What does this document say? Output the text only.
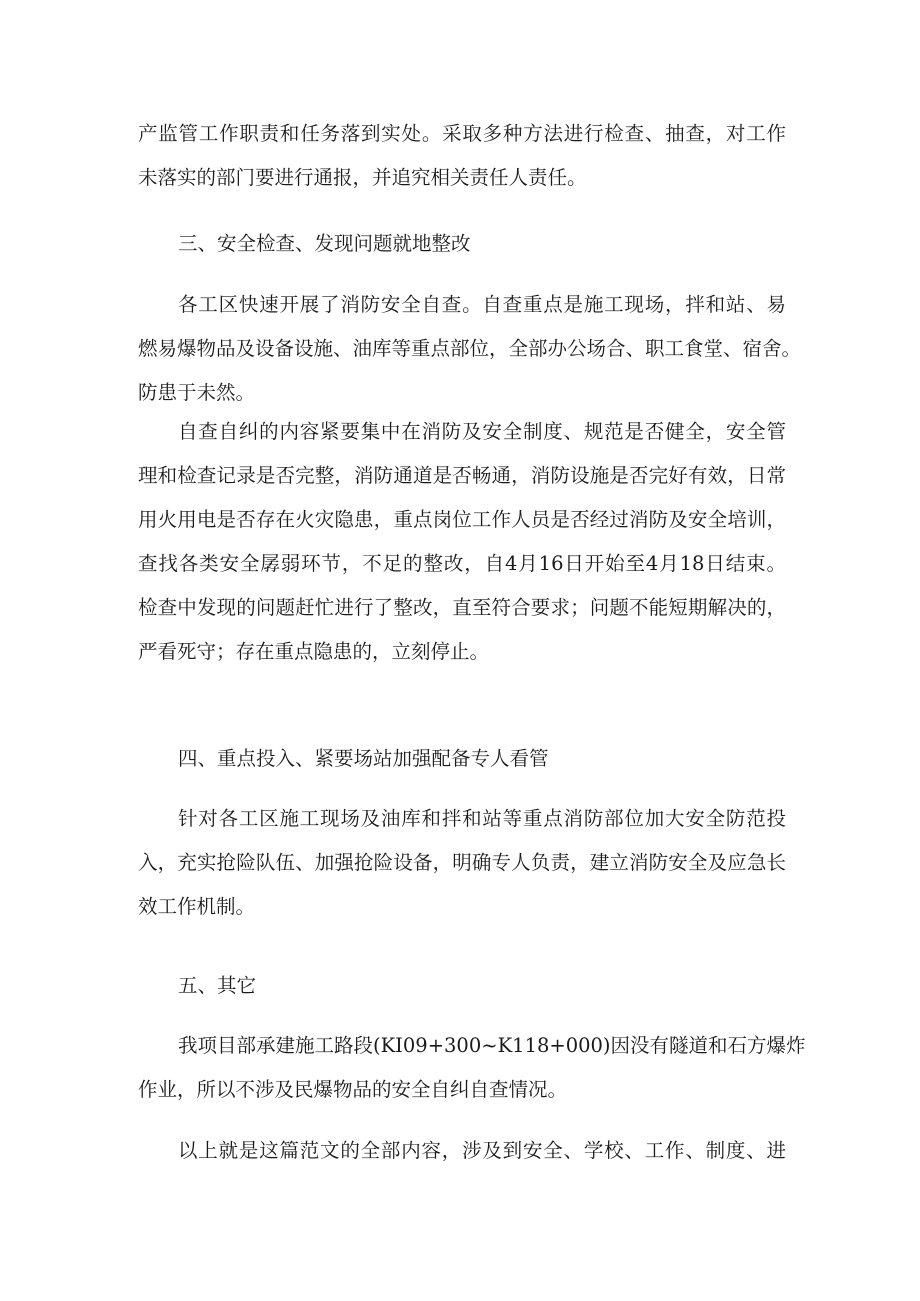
产监管工作职责和任务落到实处。采取多种方法进行检查、抽查，对工作
未落实的部门要进行通报，并追究相关责任人责任。
三、安全检查、发现问题就地整改
各工区快速开展了消防安全自查。自查重点是施工现场，拌和站、易
燃易爆物品及设备设施、油库等重点部位，全部办公场合、职工食堂、宿舍。
防患于未然。
自查自纠的内容紧要集中在消防及安全制度、规范是否健全，安全管
理和检查记录是否完整，消防通道是否畅通，消防设施是否完好有效，日常
用火用电是否存在火灾隐患，重点岗位工作人员是否经过消防及安全培训，
查找各类安全孱弱环节，不足的整改，自4月16日开始至4月18日结束。
检查中发现的问题赶忙进行了整改，直至符合要求；问题不能短期解决的，
严看死守；存在重点隐患的，立刻停止。
四、重点投入、紧要场站加强配备专人看管
针对各工区施工现场及油库和拌和站等重点消防部位加大安全防范投
入，充实抢险队伍、加强抢险设备，明确专人负责，建立消防安全及应急长
效工作机制。
五、其它
我项目部承建施工路段(KI09+300~K118+000)因没有隧道和石方爆炸
作业，所以不涉及民爆物品的安全自纠自查情况。
以上就是这篇范文的全部内容，涉及到安全、学校、工作、制度、进
